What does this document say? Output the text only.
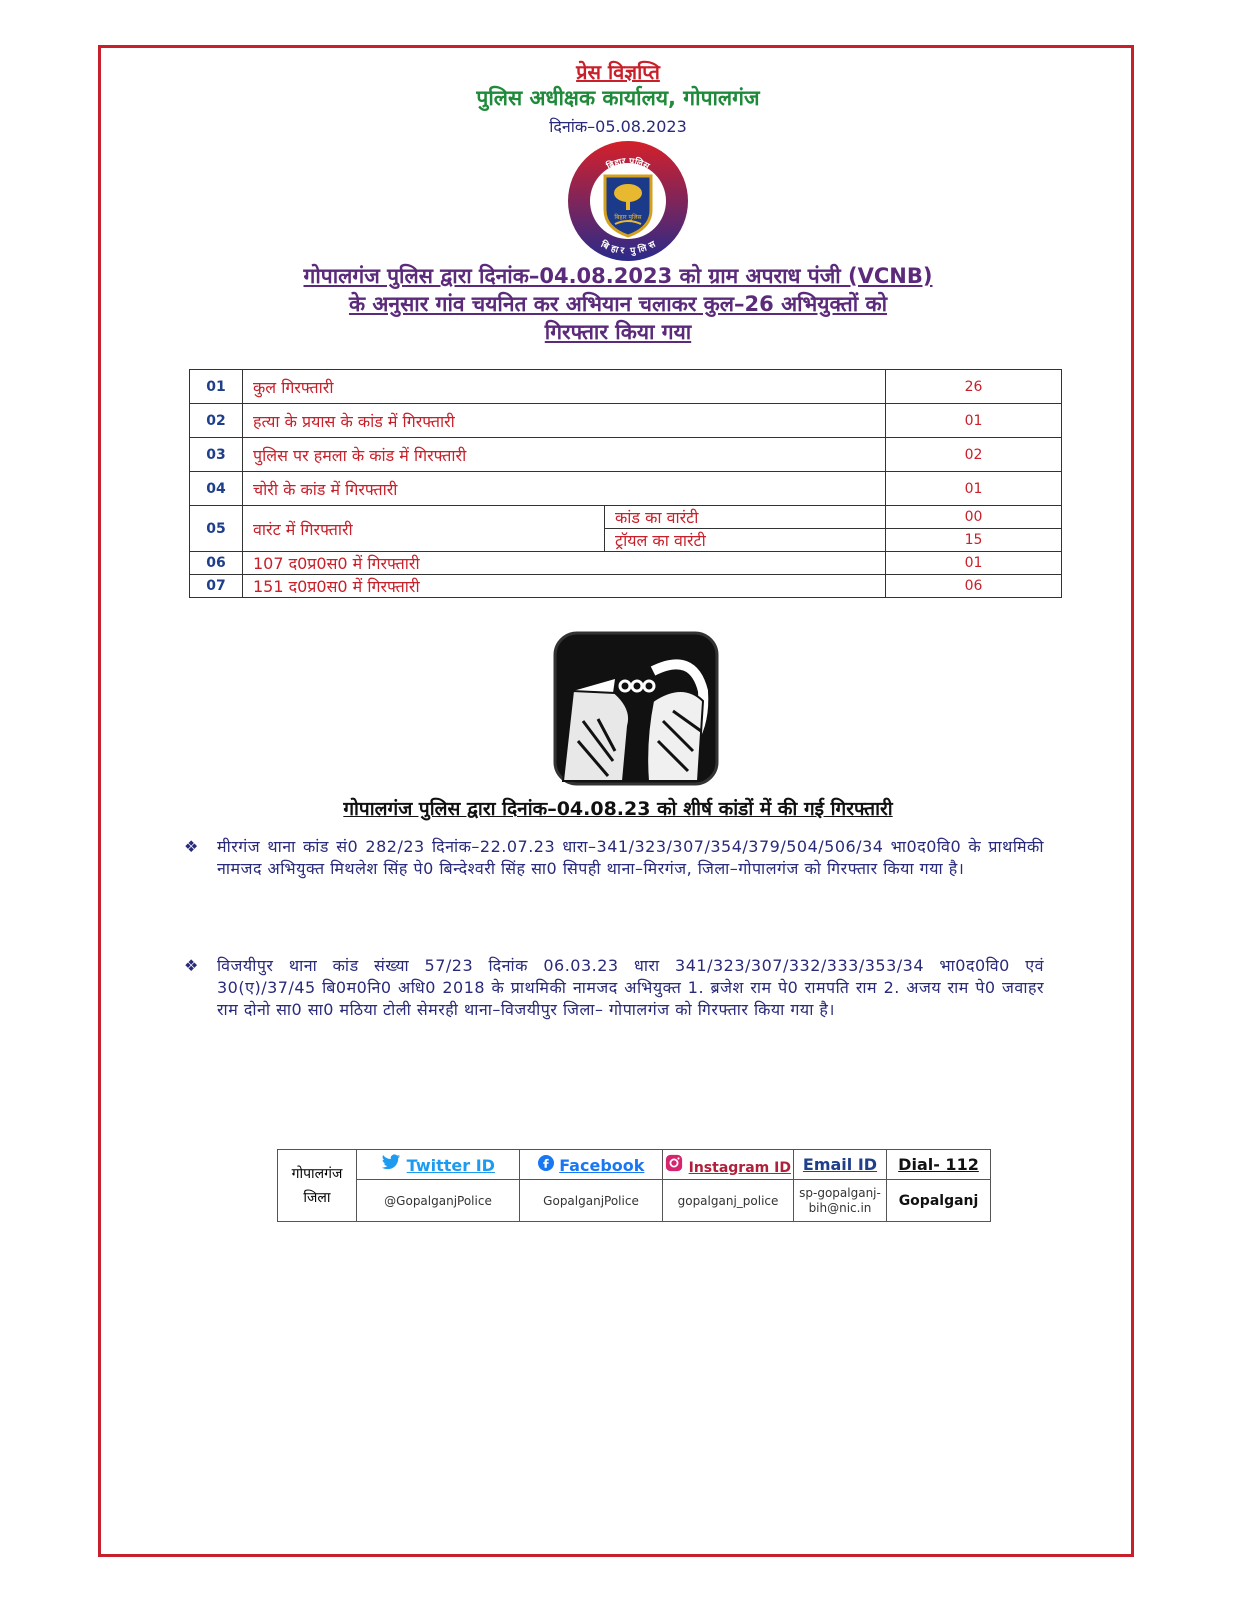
प्रेस विज्ञप्ति
पुलिस अधीक्षक कार्यालय, गोपालगंज
दिनांक–05.08.2023
बिहार पुलिस
बिहार पुलिस
बिहार पुलिस
गोपालगंज पुलिस द्वारा दिनांक–04.08.2023 को ग्राम अपराध पंजी (VCNB)
के अनुसार गांव चयनित कर अभियान चलाकर कुल–26 अभियुक्तों को
गिरफ्तार किया गया
01	कुल गिरफ्तारी		26
02	हत्या के प्रयास के कांड में गिरफ्तारी		01
03	पुलिस पर हमला के कांड में गिरफ्तारी		02
04	चोरी के कांड में गिरफ्तारी		01
05	वारंट में गिरफ्तारी	कांड का वारंटी	00
		ट्रॉयल का वारंटी	15
06	107 द0प्र0स0 में गिरफ्तारी		01
07	151 द0प्र0स0 में गिरफ्तारी		06
गोपालगंज पुलिस द्वारा दिनांक–04.08.23 को शीर्ष कांडों में की गई गिरफ्तारी
❖ मीरगंज थाना कांड सं0 282/23 दिनांक–22.07.23 धारा–341/323/307/354/379/504/506/34 भा0द0वि0 के प्राथमिकी नामजद अभियुक्त मिथलेश सिंह पे0 बिन्देश्वरी सिंह सा0 सिपही थाना–मिरगंज, जिला–गोपालगंज को गिरफ्तार किया गया है।
❖ विजयीपुर थाना कांड संख्या 57/23 दिनांक 06.03.23 धारा 341/323/307/332/333/353/34 भा0द0वि0 एवं 30(ए)/37/45 बि0म0नि0 अधि0 2018 के प्राथमिकी नामजद अभियुक्त 1. ब्रजेश राम पे0 रामपति राम 2. अजय राम पे0 जवाहर राम दोनो सा0 सा0 मठिया टोली सेमरही थाना–विजयीपुर जिला– गोपालगंज को गिरफ्तार किया गया है।
गोपालगंज
जिला	Twitter ID	Facebook	Instagram ID	Email ID	Dial- 112
	@GopalganjPolice	GopalganjPolice	gopalganj_police	sp-gopalganj-
bih@nic.in	Gopalganj
